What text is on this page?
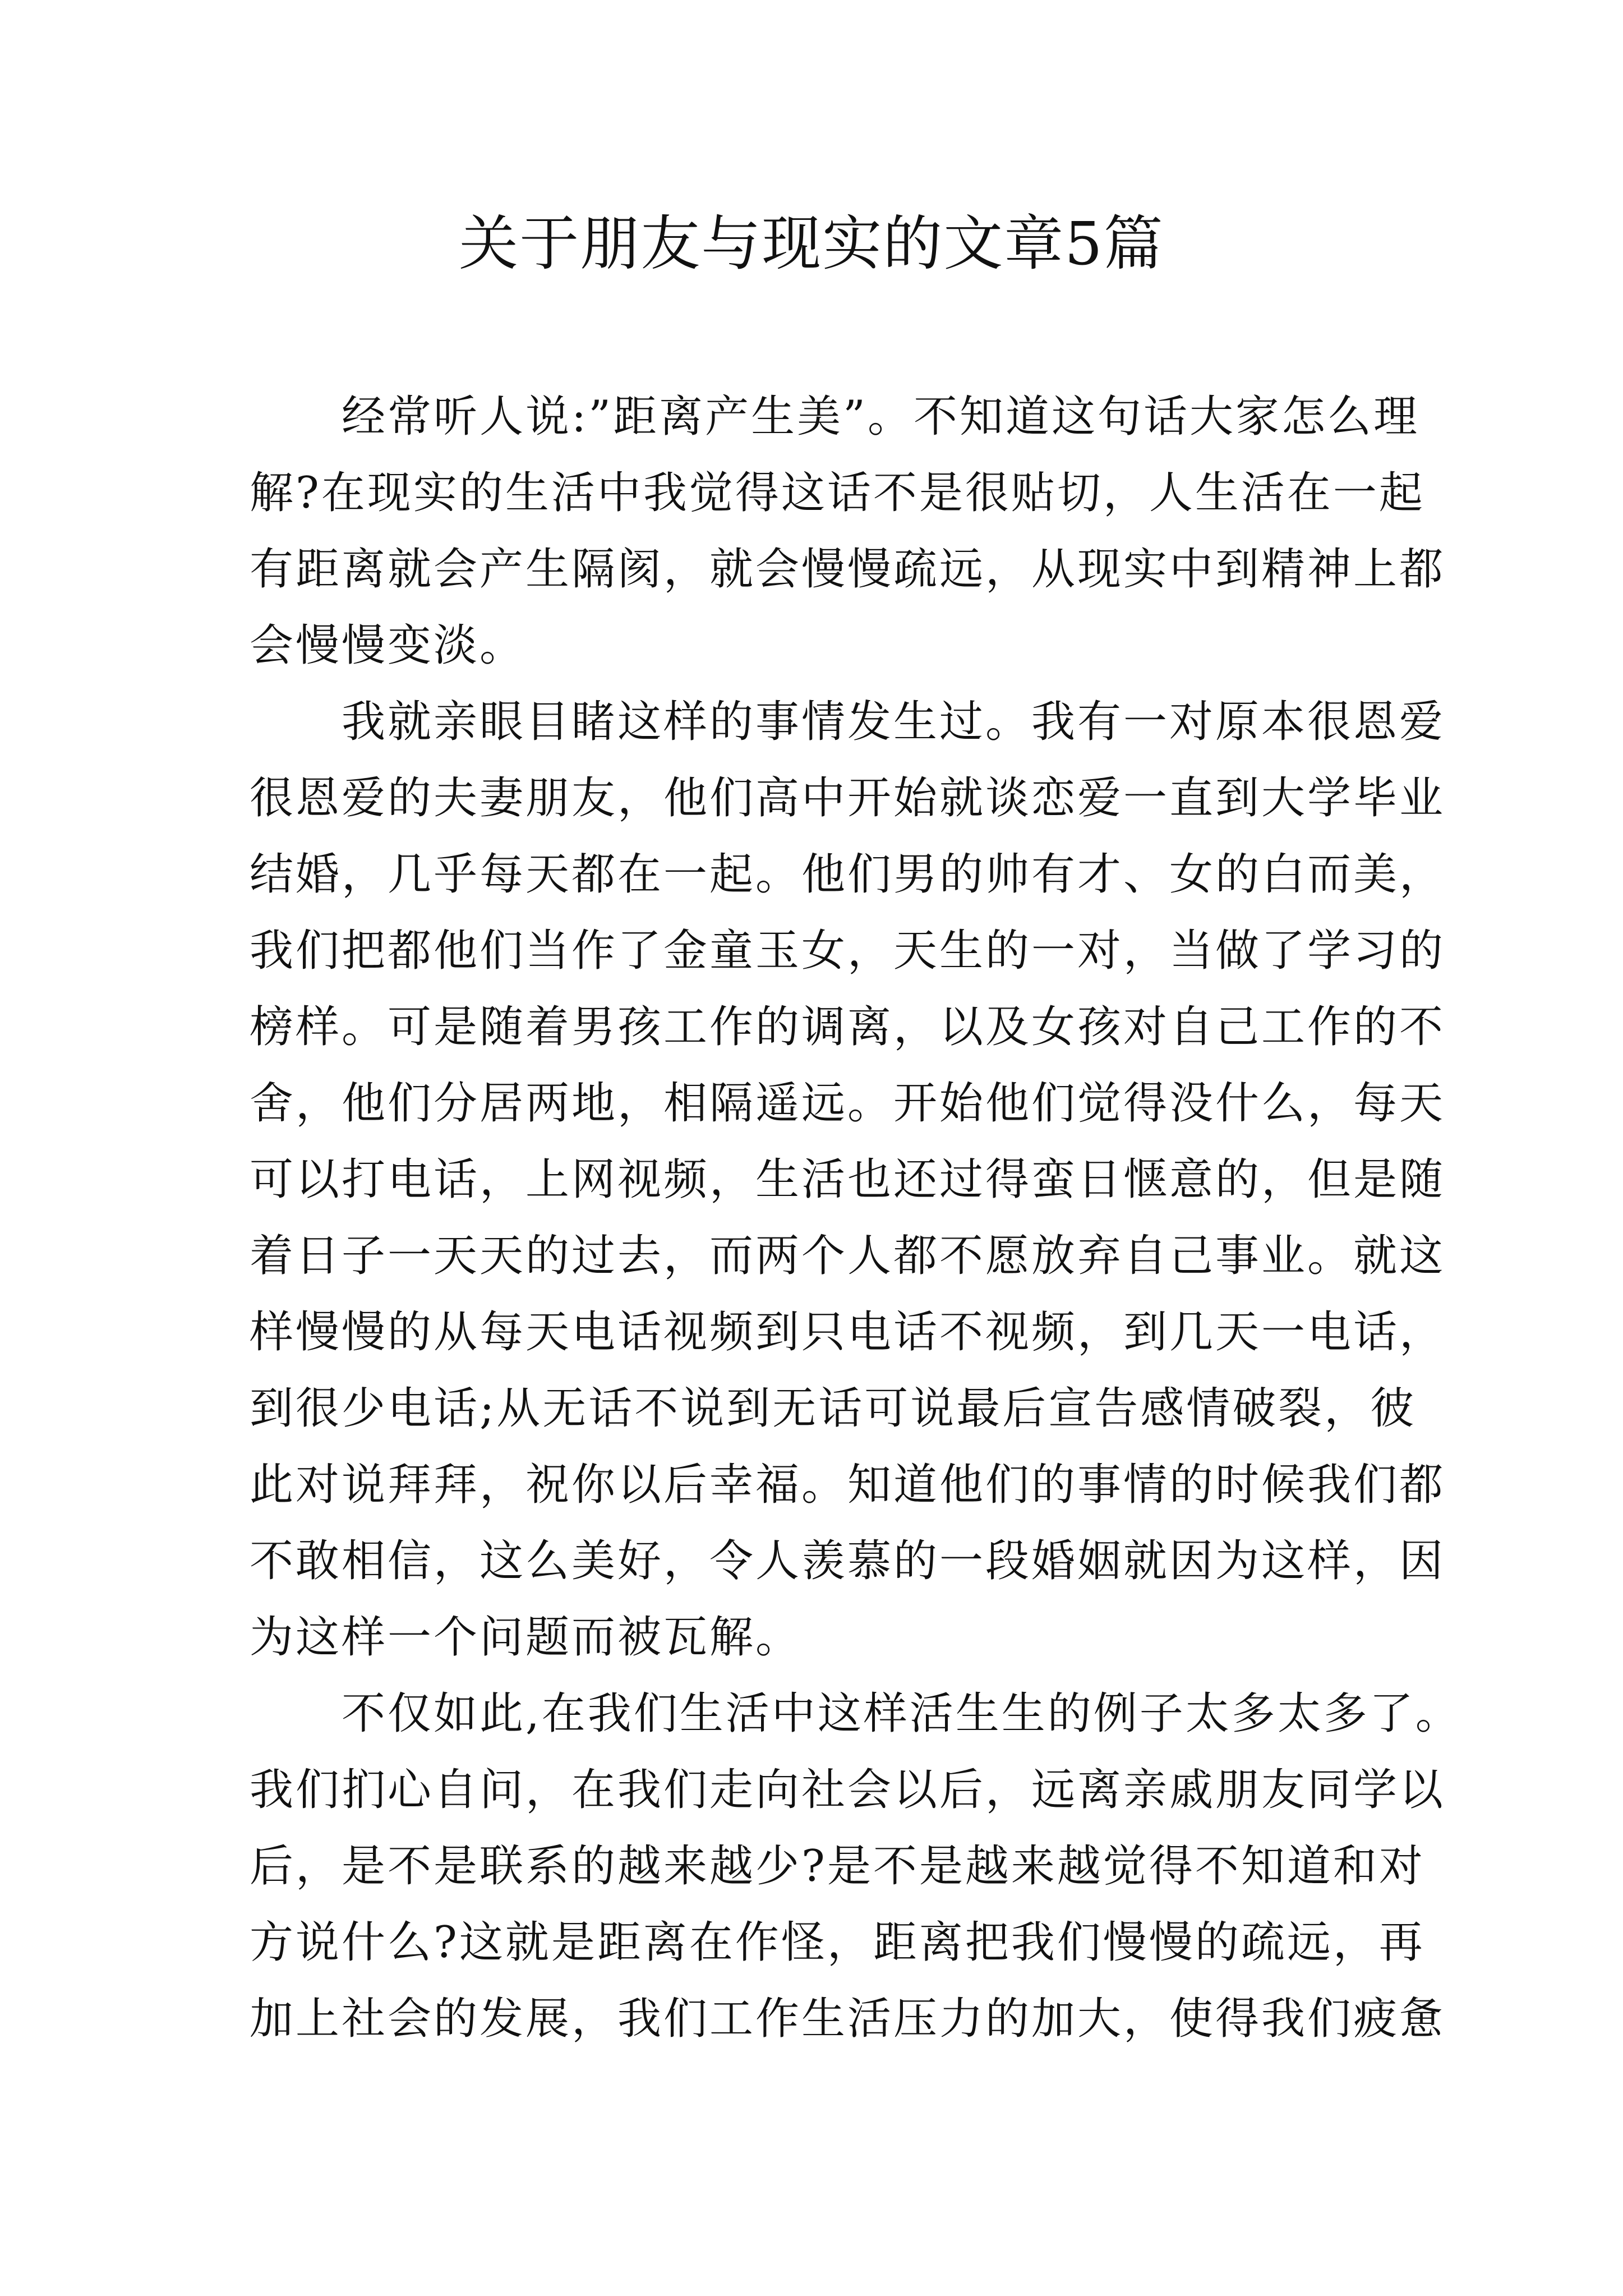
关于朋友与现实的文章5篇
　　经常听人说:”距离产生美”。不知道这句话大家怎么理
解?在现实的生活中我觉得这话不是很贴切，人生活在一起
有距离就会产生隔阂，就会慢慢疏远，从现实中到精神上都
会慢慢变淡。
　　我就亲眼目睹这样的事情发生过。我有一对原本很恩爱
很恩爱的夫妻朋友，他们高中开始就谈恋爱一直到大学毕业
结婚，几乎每天都在一起。他们男的帅有才、女的白而美，
我们把都他们当作了金童玉女，天生的一对，当做了学习的
榜样。可是随着男孩工作的调离，以及女孩对自己工作的不
舍，他们分居两地，相隔遥远。开始他们觉得没什么，每天
可以打电话，上网视频，生活也还过得蛮日惬意的，但是随
着日子一天天的过去，而两个人都不愿放弃自己事业。就这
样慢慢的从每天电话视频到只电话不视频，到几天一电话，
到很少电话;从无话不说到无话可说最后宣告感情破裂，彼
此对说拜拜，祝你以后幸福。知道他们的事情的时候我们都
不敢相信，这么美好，令人羡慕的一段婚姻就因为这样，因
为这样一个问题而被瓦解。
　　不仅如此,在我们生活中这样活生生的例子太多太多了。
我们扪心自问，在我们走向社会以后，远离亲戚朋友同学以
后，是不是联系的越来越少?是不是越来越觉得不知道和对
方说什么?这就是距离在作怪，距离把我们慢慢的疏远，再
加上社会的发展，我们工作生活压力的加大，使得我们疲惫
